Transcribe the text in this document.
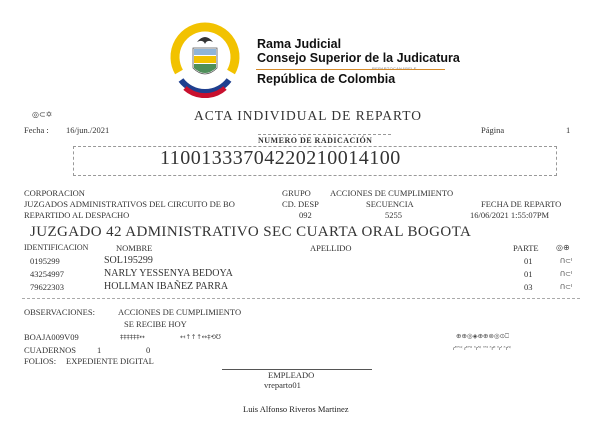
Rama Judicial
Consejo Superior de la Judicatura
REPARTOCAN&BELE
República de Colombia
◎⊂✡	ACTA INDIVIDUAL DE REPARTO
Fecha : 16/jun./2021	Página	1
NUMERO DE RADICACIÓN
11001333704220210014100
CORPORACION	GRUPO ACCIONES DE CUMPLIMIENTO
JUZGADOS ADMINISTRATIVOS DEL CIRCUITO DE BO	CD. DESP	SECUENCIA	FECHA DE REPARTO
REPARTIDO AL DESPACHO	092	5255	16/06/2021 1:55:07PM
JUZGADO 42 ADMINISTRATIVO SEC CUARTA ORAL BOGOTA
IDENTIFICACION	NOMBRE	APELLIDO	PARTE ◎⊕
0195299	SOL195299	01	ᑎ⊂ᑊ
43254997	NARLY YESSENYA BEDOYA	01	ᑎ⊂ᑊ
79622303	HOLLMAN IBAÑEZ PARRA	03	ᑎ⊂ᑊ
OBSERVACIONES:	ACCIONES DE CUMPLIMIENTO
SE RECIBE HOY
BOAJA009V09	‡‡‡‡‡‡↔	↤↑↑↑↔‡⟲Ʊ	⊕⊕◎◈⊕⊕⊚◎⊙⎕
ᓯᐢᔾᑉ ᓯᐢᔾᑊ ᐢᓯᑉ ᐢᔾᑊ ᐢᓯᑊ ᐢᓯ ᐢᓯᑉ
CUADERNOS 1	0
FOLIOS: EXPEDIENTE DIGITAL
EMPLEADO
vreparto01
Luis Alfonso Riveros Martinez
